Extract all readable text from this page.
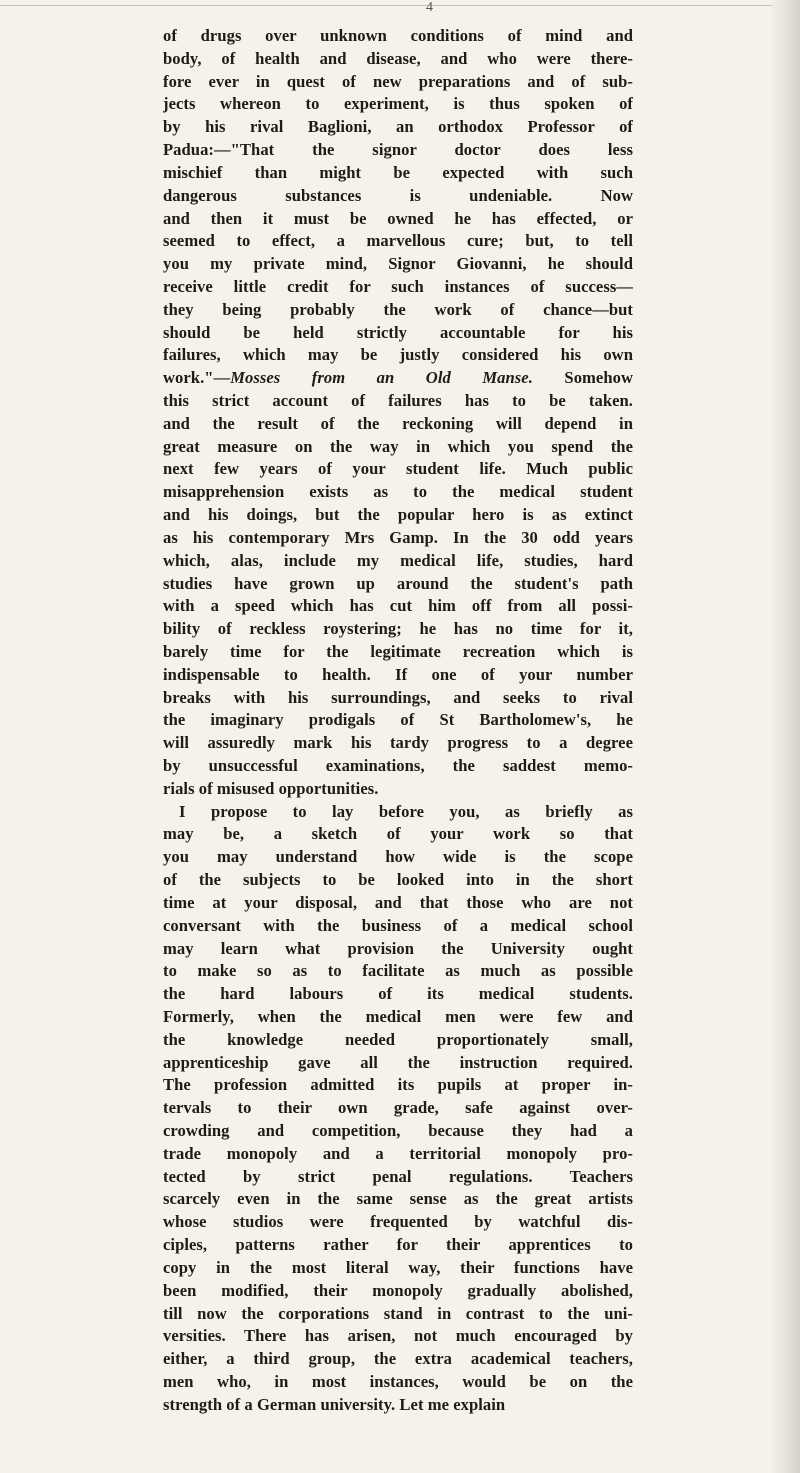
4
of drugs over unknown conditions of mind and
body, of health and disease, and who were there-
fore ever in quest of new preparations and of sub-
jects whereon to experiment, is thus spoken of
by his rival Baglioni, an orthodox Professor of
Padua:—"That the signor doctor does less
mischief than might be expected with such
dangerous substances is undeniable. Now
and then it must be owned he has effected, or
seemed to effect, a marvellous cure; but, to tell
you my private mind, Signor Giovanni, he should
receive little credit for such instances of success—
they being probably the work of chance—but
should be held strictly accountable for his
failures, which may be justly considered his own
work."—Mosses from an Old Manse. Somehow
this strict account of failures has to be taken.
and the result of the reckoning will depend in
great measure on the way in which you spend the
next few years of your student life. Much public
misapprehension exists as to the medical student
and his doings, but the popular hero is as extinct
as his contemporary Mrs Gamp. In the 30 odd years
which, alas, include my medical life, studies, hard
studies have grown up around the student's path
with a speed which has cut him off from all possi-
bility of reckless roystering; he has no time for it,
barely time for the legitimate recreation which is
indispensable to health. If one of your number
breaks with his surroundings, and seeks to rival
the imaginary prodigals of St Bartholomew's, he
will assuredly mark his tardy progress to a degree
by unsuccessful examinations, the saddest memo-
rials of misused opportunities.
I propose to lay before you, as briefly as
may be, a sketch of your work so that
you may understand how wide is the scope
of the subjects to be looked into in the short
time at your disposal, and that those who are not
conversant with the business of a medical school
may learn what provision the University ought
to make so as to facilitate as much as possible
the hard labours of its medical students.
Formerly, when the medical men were few and
the knowledge needed proportionately small,
apprenticeship gave all the instruction required.
The profession admitted its pupils at proper in-
tervals to their own grade, safe against over-
crowding and competition, because they had a
trade monopoly and a territorial monopoly pro-
tected by strict penal regulations. Teachers
scarcely even in the same sense as the great artists
whose studios were frequented by watchful dis-
ciples, patterns rather for their apprentices to
copy in the most literal way, their functions have
been modified, their monopoly gradually abolished,
till now the corporations stand in contrast to the uni-
versities. There has arisen, not much encouraged by
either, a third group, the extra academical teachers,
men who, in most instances, would be on the
strength of a German university. Let me explain
